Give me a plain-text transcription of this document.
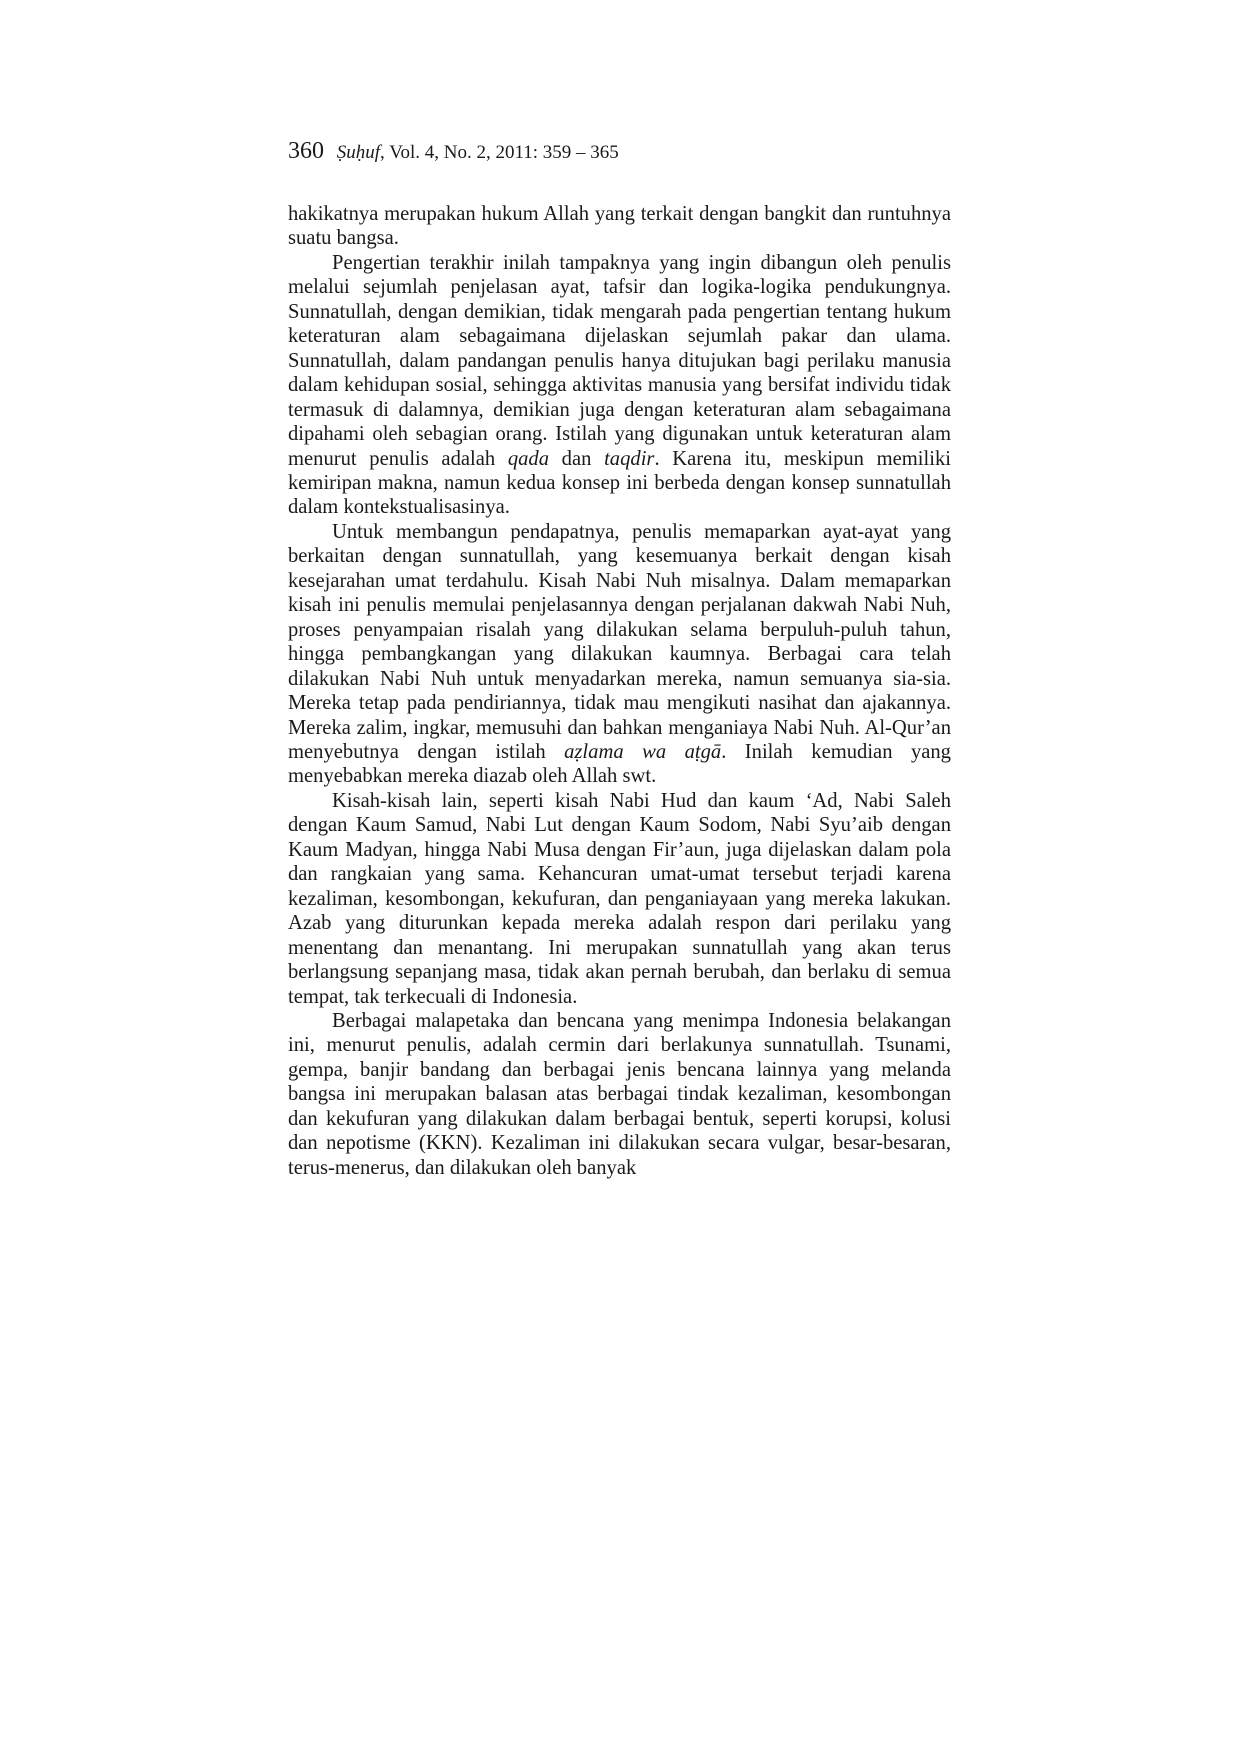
360 Ṣuḥuf, Vol. 4, No. 2, 2011: 359 – 365

hakikatnya merupakan hukum Allah yang terkait dengan bangkit dan runtuhnya suatu bangsa.

Pengertian terakhir inilah tampaknya yang ingin dibangun oleh penulis melalui sejumlah penjelasan ayat, tafsir dan logika-logika pendukungnya. Sunnatullah, dengan demikian, tidak mengarah pada pengertian tentang hukum keteraturan alam sebagaimana dijelaskan sejumlah pakar dan ulama. Sunnatullah, dalam pandangan penulis hanya ditujukan bagi perilaku manusia dalam kehidupan sosial, sehingga aktivitas manusia yang bersifat individu tidak termasuk di dalamnya, demikian juga dengan keteraturan alam sebagaimana dipahami oleh sebagian orang. Istilah yang digunakan untuk keteraturan alam menurut penulis adalah qada dan taqdir. Karena itu, meskipun memiliki kemiripan makna, namun kedua konsep ini berbeda dengan konsep sunnatullah dalam kontekstualisasinya.

Untuk membangun pendapatnya, penulis memaparkan ayat-ayat yang berkaitan dengan sunnatullah, yang kesemuanya berkait dengan kisah kesejarahan umat terdahulu. Kisah Nabi Nuh misalnya. Dalam memaparkan kisah ini penulis memulai penjelasannya dengan perjalanan dakwah Nabi Nuh, proses penyampaian risalah yang dilakukan selama berpuluh-puluh tahun, hingga pembangkangan yang dilakukan kaumnya. Berbagai cara telah dilakukan Nabi Nuh untuk menyadarkan mereka, namun semuanya sia-sia. Mereka tetap pada pendiriannya, tidak mau mengikuti nasihat dan ajakannya. Mereka zalim, ingkar, memusuhi dan bahkan menganiaya Nabi Nuh. Al-Qur’an menyebutnya dengan istilah aẓlama wa aṭgā. Inilah kemudian yang menyebabkan mereka diazab oleh Allah swt.

Kisah-kisah lain, seperti kisah Nabi Hud dan kaum ‘Ad, Nabi Saleh dengan Kaum Samud, Nabi Lut dengan Kaum Sodom, Nabi Syu’aib dengan Kaum Madyan, hingga Nabi Musa dengan Fir’aun, juga dijelaskan dalam pola dan rangkaian yang sama. Kehancuran umat-umat tersebut terjadi karena kezaliman, kesombongan, kekufuran, dan penganiayaan yang mereka lakukan. Azab yang diturunkan kepada mereka adalah respon dari perilaku yang menentang dan menantang. Ini merupakan sunnatullah yang akan terus berlangsung sepanjang masa, tidak akan pernah berubah, dan berlaku di semua tempat, tak terkecuali di Indonesia.

Berbagai malapetaka dan bencana yang menimpa Indonesia belakangan ini, menurut penulis, adalah cermin dari berlakunya sunnatullah. Tsunami, gempa, banjir bandang dan berbagai jenis bencana lainnya yang melanda bangsa ini merupakan balasan atas berbagai tindak kezaliman, kesombongan dan kekufuran yang dilakukan dalam berbagai bentuk, seperti korupsi, kolusi dan nepotisme (KKN). Kezaliman ini dilakukan secara vulgar, besar-besaran, terus-menerus, dan dilakukan oleh banyak
